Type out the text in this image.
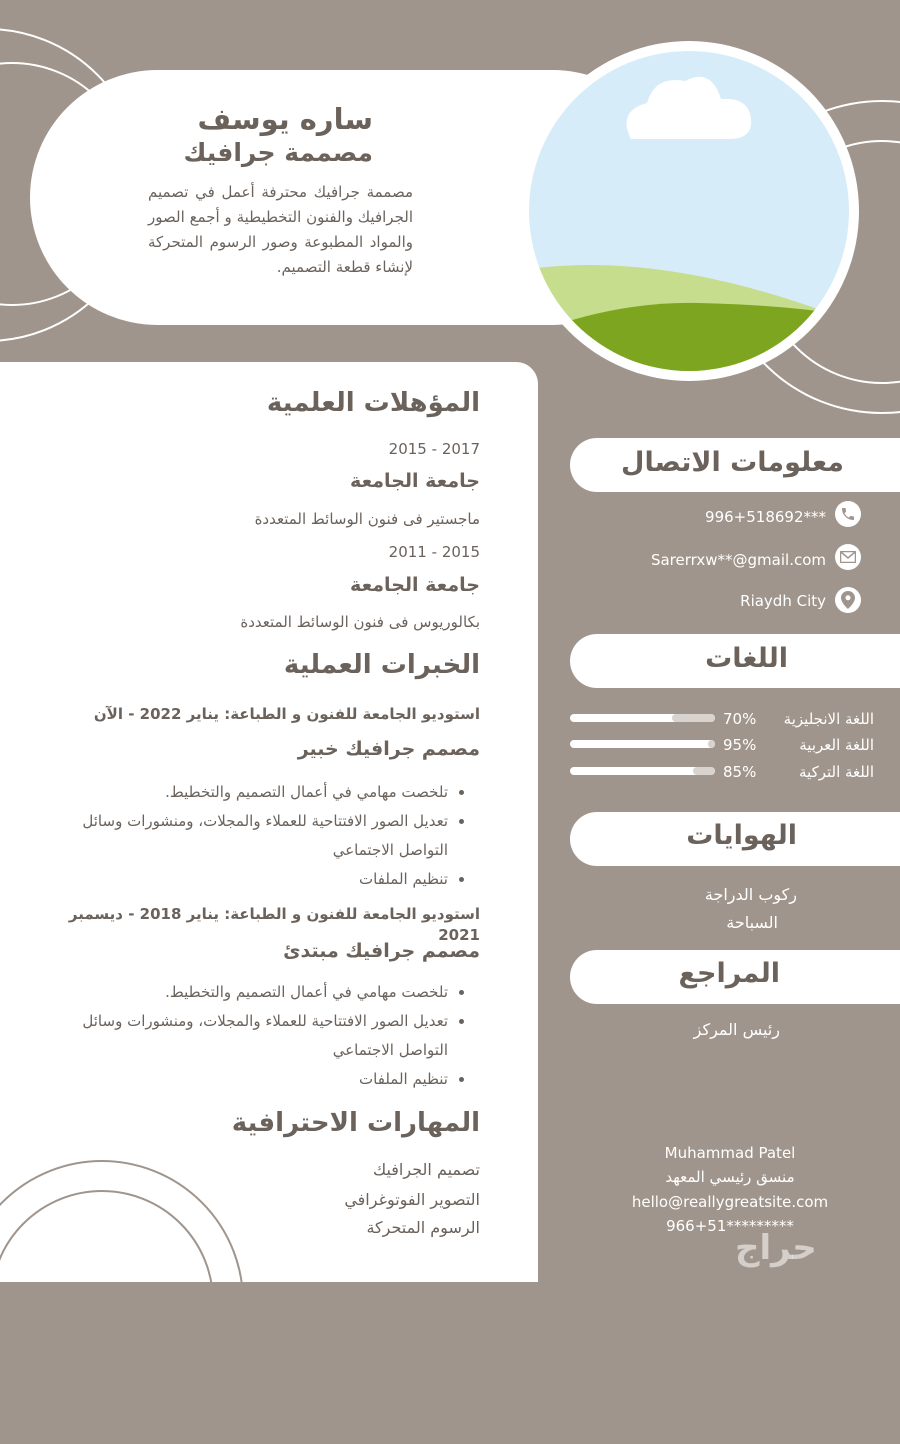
ساره يوسف
مصممة جرافيك
مصممة جرافيك محترفة أعمل في تصميم الجرافيك والفنون التخطيطية و أجمع الصور والمواد المطبوعة وصور الرسوم المتحركة لإنشاء قطعة التصميم.
المؤهلات العلمية
2017 - 2015
جامعة الجامعة
ماجستير فى فنون الوسائط المتعددة
2015 - 2011
جامعة الجامعة
بكالوريوس فى فنون الوسائط المتعددة
الخبرات العملية
استوديو الجامعة للفنون و الطباعة: يناير 2022 - الآن
مصمم جرافيك خبير
• تلخصت مهامي في أعمال التصميم والتخطيط.
• تعديل الصور الافتتاحية للعملاء والمجلات، ومنشورات وسائل التواصل الاجتماعي
• تنظيم الملفات
استوديو الجامعة للفنون و الطباعة: يناير 2018 - ديسمبر 2021
مصمم جرافيك مبتدئ
• تلخصت مهامي في أعمال التصميم والتخطيط.
• تعديل الصور الافتتاحية للعملاء والمجلات، ومنشورات وسائل التواصل الاجتماعي
• تنظيم الملفات
المهارات الاحترافية
تصميم الجرافيك
التصوير الفوتوغرافي
الرسوم المتحركة
معلومات الاتصال
996+518692***
Sarerrxw**@gmail.com
Riaydh City
اللغات
اللغة الانجليزية
70%
اللغة العربية
95%
اللغة التركية
85%
الهوايات
ركوب الدراجة
السباحة
المراجع
رئيس المركز
Muhammad Patel
منسق رئيسي المعهد
hello@reallygreatsite.com
966+51*********
حراج
